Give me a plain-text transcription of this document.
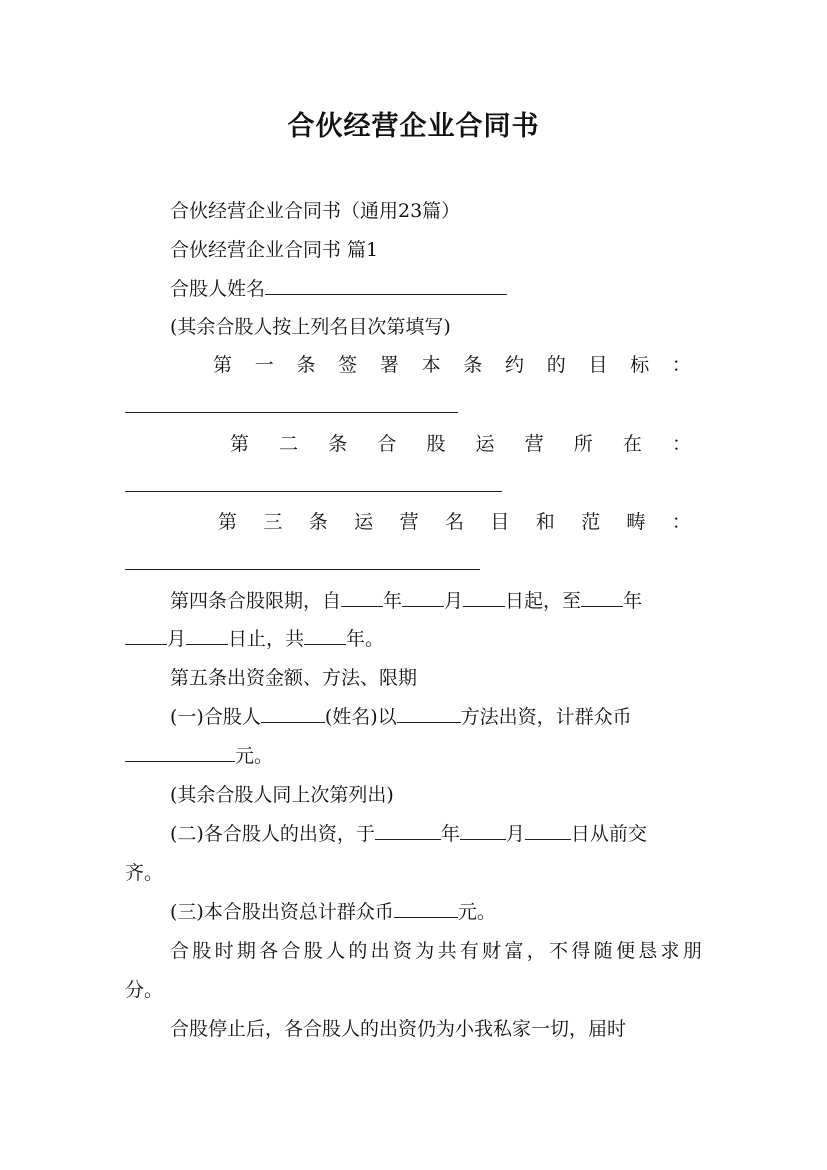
合伙经营企业合同书
合伙经营企业合同书（通用23篇）
合伙经营企业合同书 篇1
合股人姓名
(其余合股人按上列名目次第填写)
第 一 条 签 署 本 条 约 的 目 标 ：
第 二 条 合 股 运 营 所 在 ：
第 三 条 运 营 名 目 和 范 畴 ：
第四条合股限期，自 年 月 日起，至 年
月 日止，共 年。
第五条出资金额、方法、限期
(一)合股人	(姓名)以	方法出资，计群众币
元。
(其余合股人同上次第列出)
(二)各合股人的出资，于	年 月 日从前交
齐。
(三)本合股出资总计群众币	元。
合 股 时 期 各 合 股 人 的 出 资 为 共 有 财 富 ， 不 得 随 便 恳 求 朋
分。
合股停止后，各合股人的出资仍为小我私家一切，届时
